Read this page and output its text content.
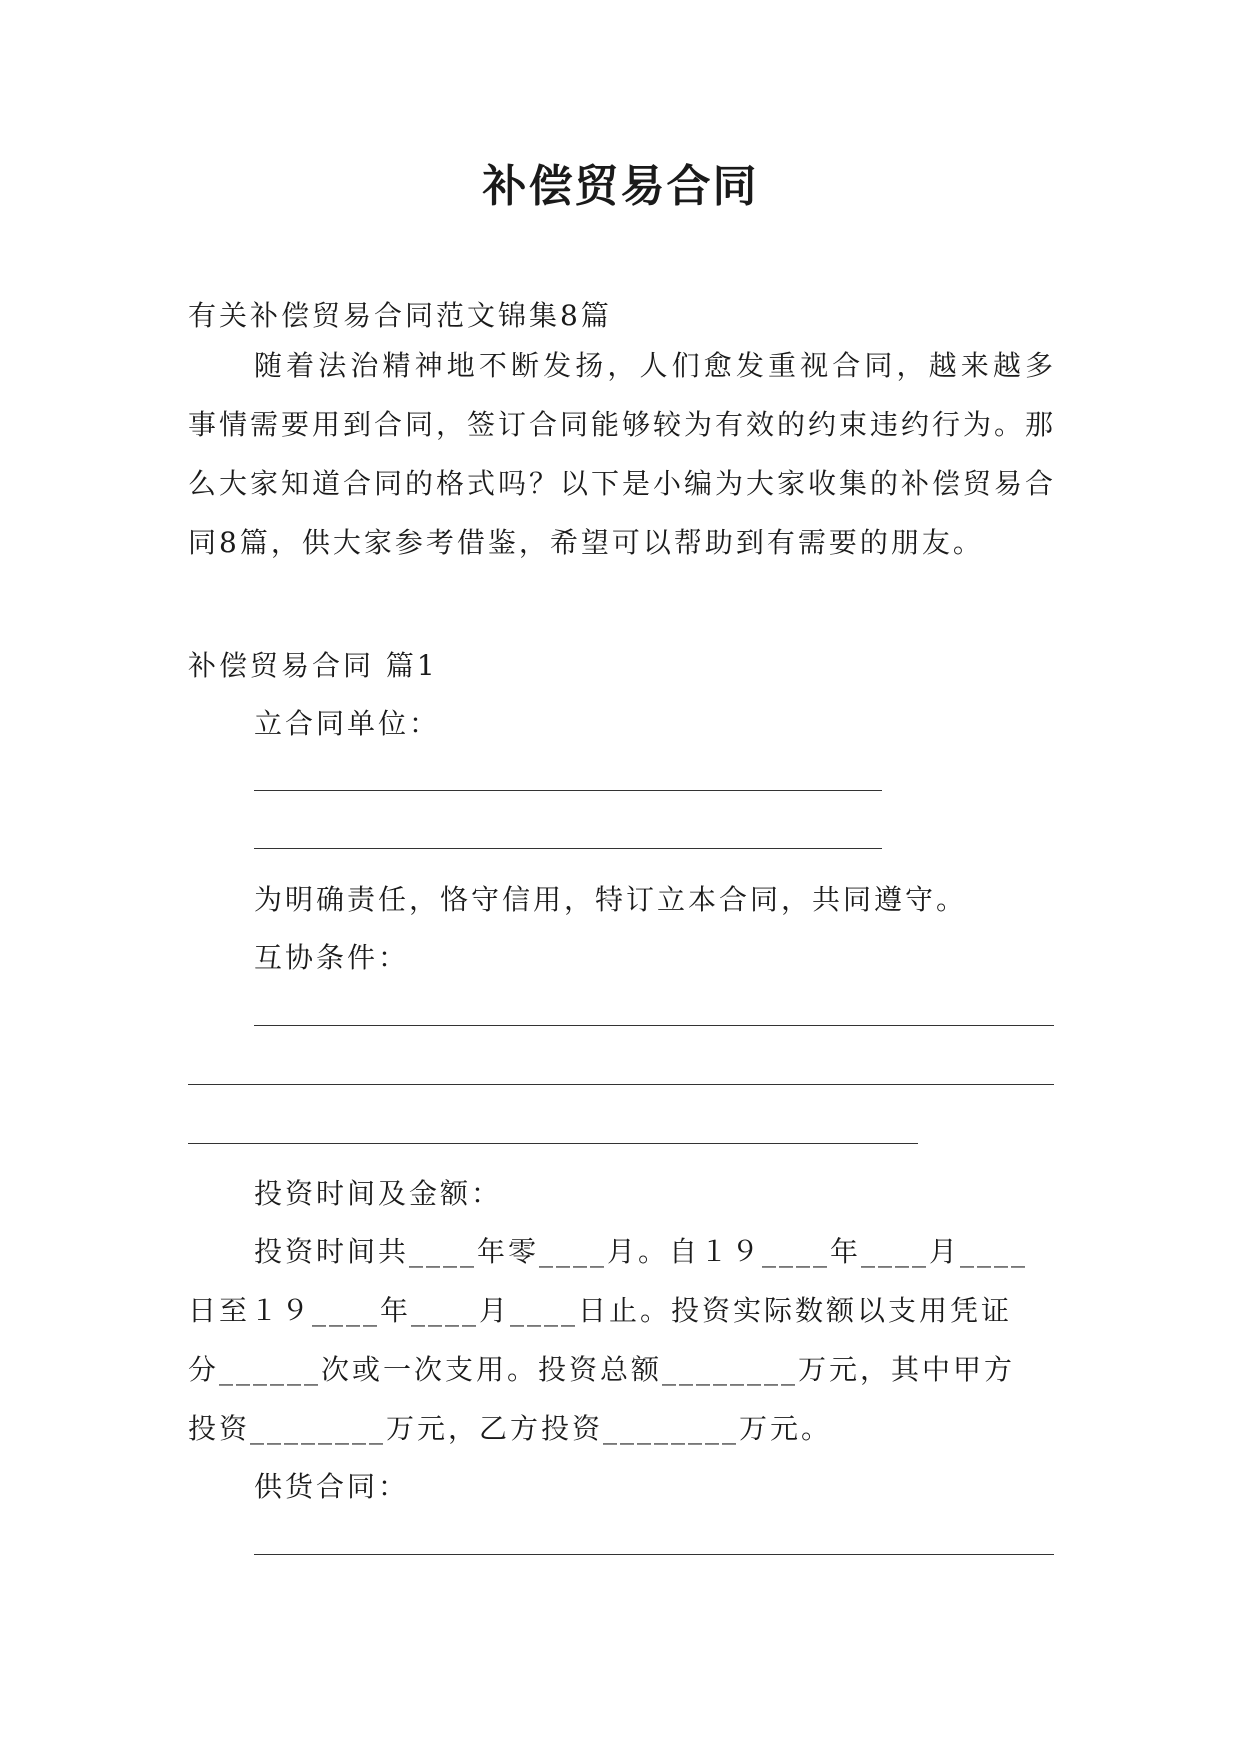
补偿贸易合同
有关补偿贸易合同范文锦集8篇
随着法治精神地不断发扬，人们愈发重视合同，越来越多事情需要用到合同，签订合同能够较为有效的约束违约行为。那么大家知道合同的格式吗？以下是小编为大家收集的补偿贸易合同8篇，供大家参考借鉴，希望可以帮助到有需要的朋友。
补偿贸易合同 篇1
立合同单位：
为明确责任，恪守信用，特订立本合同，共同遵守。
互协条件：
投资时间及金额：
投资时间共____年零____月。自１９____年____月____
日至１９____年____月____日止。投资实际数额以支用凭证
分______次或一次支用。投资总额________万元，其中甲方
投资________万元，乙方投资________万元。
供货合同：
